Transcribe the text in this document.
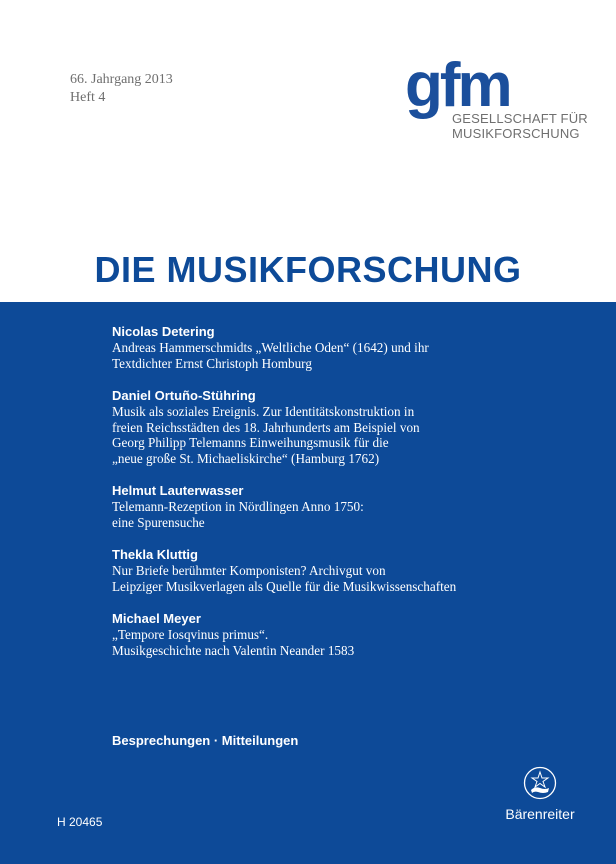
66. Jahrgang 2013
Heft 4	gfm
GESELLSCHAFT FÜR
MUSIKFORSCHUNG
DIE MUSIKFORSCHUNG
Nicolas Detering
Andreas Hammerschmidts „Weltliche Oden“ (1642) und ihr
Textdichter Ernst Christoph Homburg
Daniel Ortuño-Stühring
Musik als soziales Ereignis. Zur Identitätskonstruktion in
freien Reichsstädten des 18. Jahrhunderts am Beispiel von
Georg Philipp Telemanns Einweihungsmusik für die
„neue große St. Michaeliskirche“ (Hamburg 1762)
Helmut Lauterwasser
Telemann-Rezeption in Nördlingen Anno 1750:
eine Spurensuche
Thekla Kluttig
Nur Briefe berühmter Komponisten? Archivgut von
Leipziger Musikverlagen als Quelle für die Musikwissenschaften
Michael Meyer
„Tempore Iosqvinus primus“.
Musikgeschichte nach Valentin Neander 1583
Besprechungen · Mitteilungen
H 20465	Bärenreiter
